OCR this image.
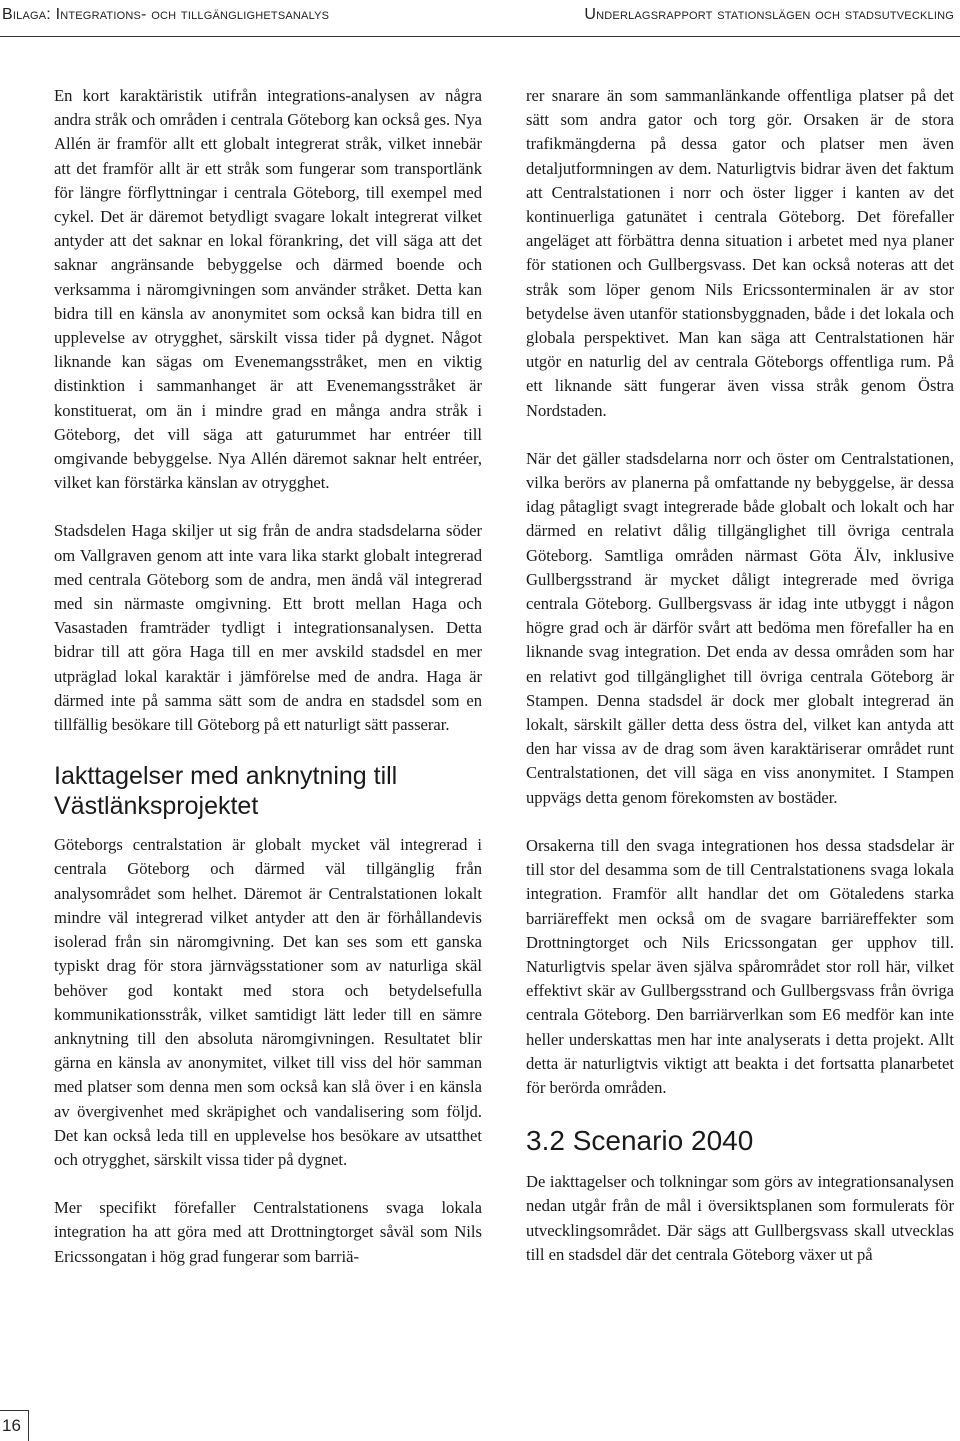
Bilaga: Integrations- och tillgänglighetsanalys	Underlagsrapport stationslägen och stadsutveckling

En kort karaktäristik utifrån integrations-analysen av några andra stråk och områden i centrala Göteborg kan också ges. Nya Allén är framför allt ett globalt integrerat stråk, vilket innebär att det framför allt är ett stråk som fungerar som transportlänk för längre förflyttningar i centrala Göteborg, till exempel med cykel. Det är däremot betydligt svagare lokalt integrerat vilket antyder att det saknar en lokal förankring, det vill säga att det saknar angränsande bebyggelse och därmed boende och verksamma i näromgivningen som använder stråket. Detta kan bidra till en känsla av anonymitet som också kan bidra till en upplevelse av otrygghet, särskilt vissa tider på dygnet. Något liknande kan sägas om Evenemangsstråket, men en viktig distinktion i sammanhanget är att Evenemangsstråket är konstituerat, om än i mindre grad en många andra stråk i Göteborg, det vill säga att gaturummet har entréer till omgivande bebyggelse. Nya Allén däremot saknar helt entréer, vilket kan förstärka känslan av otrygghet.

Stadsdelen Haga skiljer ut sig från de andra stadsdelarna söder om Vallgraven genom att inte vara lika starkt globalt integrerad med centrala Göteborg som de andra, men ändå väl integrerad med sin närmaste omgivning. Ett brott mellan Haga och Vasastaden framträder tydligt i integrationsanalysen. Detta bidrar till att göra Haga till en mer avskild stadsdel en mer utpräglad lokal karaktär i jämförelse med de andra. Haga är därmed inte på samma sätt som de andra en stadsdel som en tillfällig besökare till Göteborg på ett naturligt sätt passerar.

Iakttagelser med anknytning till Västlänksprojektet

Göteborgs centralstation är globalt mycket väl integrerad i centrala Göteborg och därmed väl tillgänglig från analysområdet som helhet. Däremot är Centralstationen lokalt mindre väl integrerad vilket antyder att den är förhållandevis isolerad från sin näromgivning. Det kan ses som ett ganska typiskt drag för stora järnvägsstationer som av naturliga skäl behöver god kontakt med stora och betydelsefulla kommunikationsstråk, vilket samtidigt lätt leder till en sämre anknytning till den absoluta näromgivningen. Resultatet blir gärna en känsla av anonymitet, vilket till viss del hör samman med platser som denna men som också kan slå över i en känsla av övergivenhet med skräpighet och vandalisering som följd. Det kan också leda till en upplevelse hos besökare av utsatthet och otrygghet, särskilt vissa tider på dygnet.

Mer specifikt förefaller Centralstationens svaga lokala integration ha att göra med att Drottningtorget såväl som Nils Ericssongatan i hög grad fungerar som barriä-

rer snarare än som sammanlänkande offentliga platser på det sätt som andra gator och torg gör. Orsaken är de stora trafikmängderna på dessa gator och platser men även detaljutformningen av dem. Naturligtvis bidrar även det faktum att Centralstationen i norr och öster ligger i kanten av det kontinuerliga gatunätet i centrala Göteborg. Det förefaller angeläget att förbättra denna situation i arbetet med nya planer för stationen och Gullbergsvass. Det kan också noteras att det stråk som löper genom Nils Ericssonterminalen är av stor betydelse även utanför stationsbyggnaden, både i det lokala och globala perspektivet. Man kan säga att Centralstationen här utgör en naturlig del av centrala Göteborgs offentliga rum. På ett liknande sätt fungerar även vissa stråk genom Östra Nordstaden.

När det gäller stadsdelarna norr och öster om Centralstationen, vilka berörs av planerna på omfattande ny bebyggelse, är dessa idag påtagligt svagt integrerade både globalt och lokalt och har därmed en relativt dålig tillgänglighet till övriga centrala Göteborg. Samtliga områden närmast Göta Älv, inklusive Gullbergsstrand är mycket dåligt integrerade med övriga centrala Göteborg. Gullbergsvass är idag inte utbyggt i någon högre grad och är därför svårt att bedöma men förefaller ha en liknande svag integration. Det enda av dessa områden som har en relativt god tillgänglighet till övriga centrala Göteborg är Stampen. Denna stadsdel är dock mer globalt integrerad än lokalt, särskilt gäller detta dess östra del, vilket kan antyda att den har vissa av de drag som även karaktäriserar området runt Centralstationen, det vill säga en viss anonymitet. I Stampen uppvägs detta genom förekomsten av bostäder.

Orsakerna till den svaga integrationen hos dessa stadsdelar är till stor del desamma som de till Centralstationens svaga lokala integration. Framför allt handlar det om Götaledens starka barriäreffekt men också om de svagare barriäreffekter som Drottningtorget och Nils Ericssongatan ger upphov till. Naturligtvis spelar även själva spårområdet stor roll här, vilket effektivt skär av Gullbergsstrand och Gullbergsvass från övriga centrala Göteborg. Den barriärverlkan som E6 medför kan inte heller underskattas men har inte analyserats i detta projekt. Allt detta är naturligtvis viktigt att beakta i det fortsatta planarbetet för berörda områden.

3.2 Scenario 2040

De iakttagelser och tolkningar som görs av integrationsanalysen nedan utgår från de mål i översiktsplanen som formulerats för utvecklingsområdet. Där sägs att Gullbergsvass skall utvecklas till en stadsdel där det centrala Göteborg växer ut på

16
